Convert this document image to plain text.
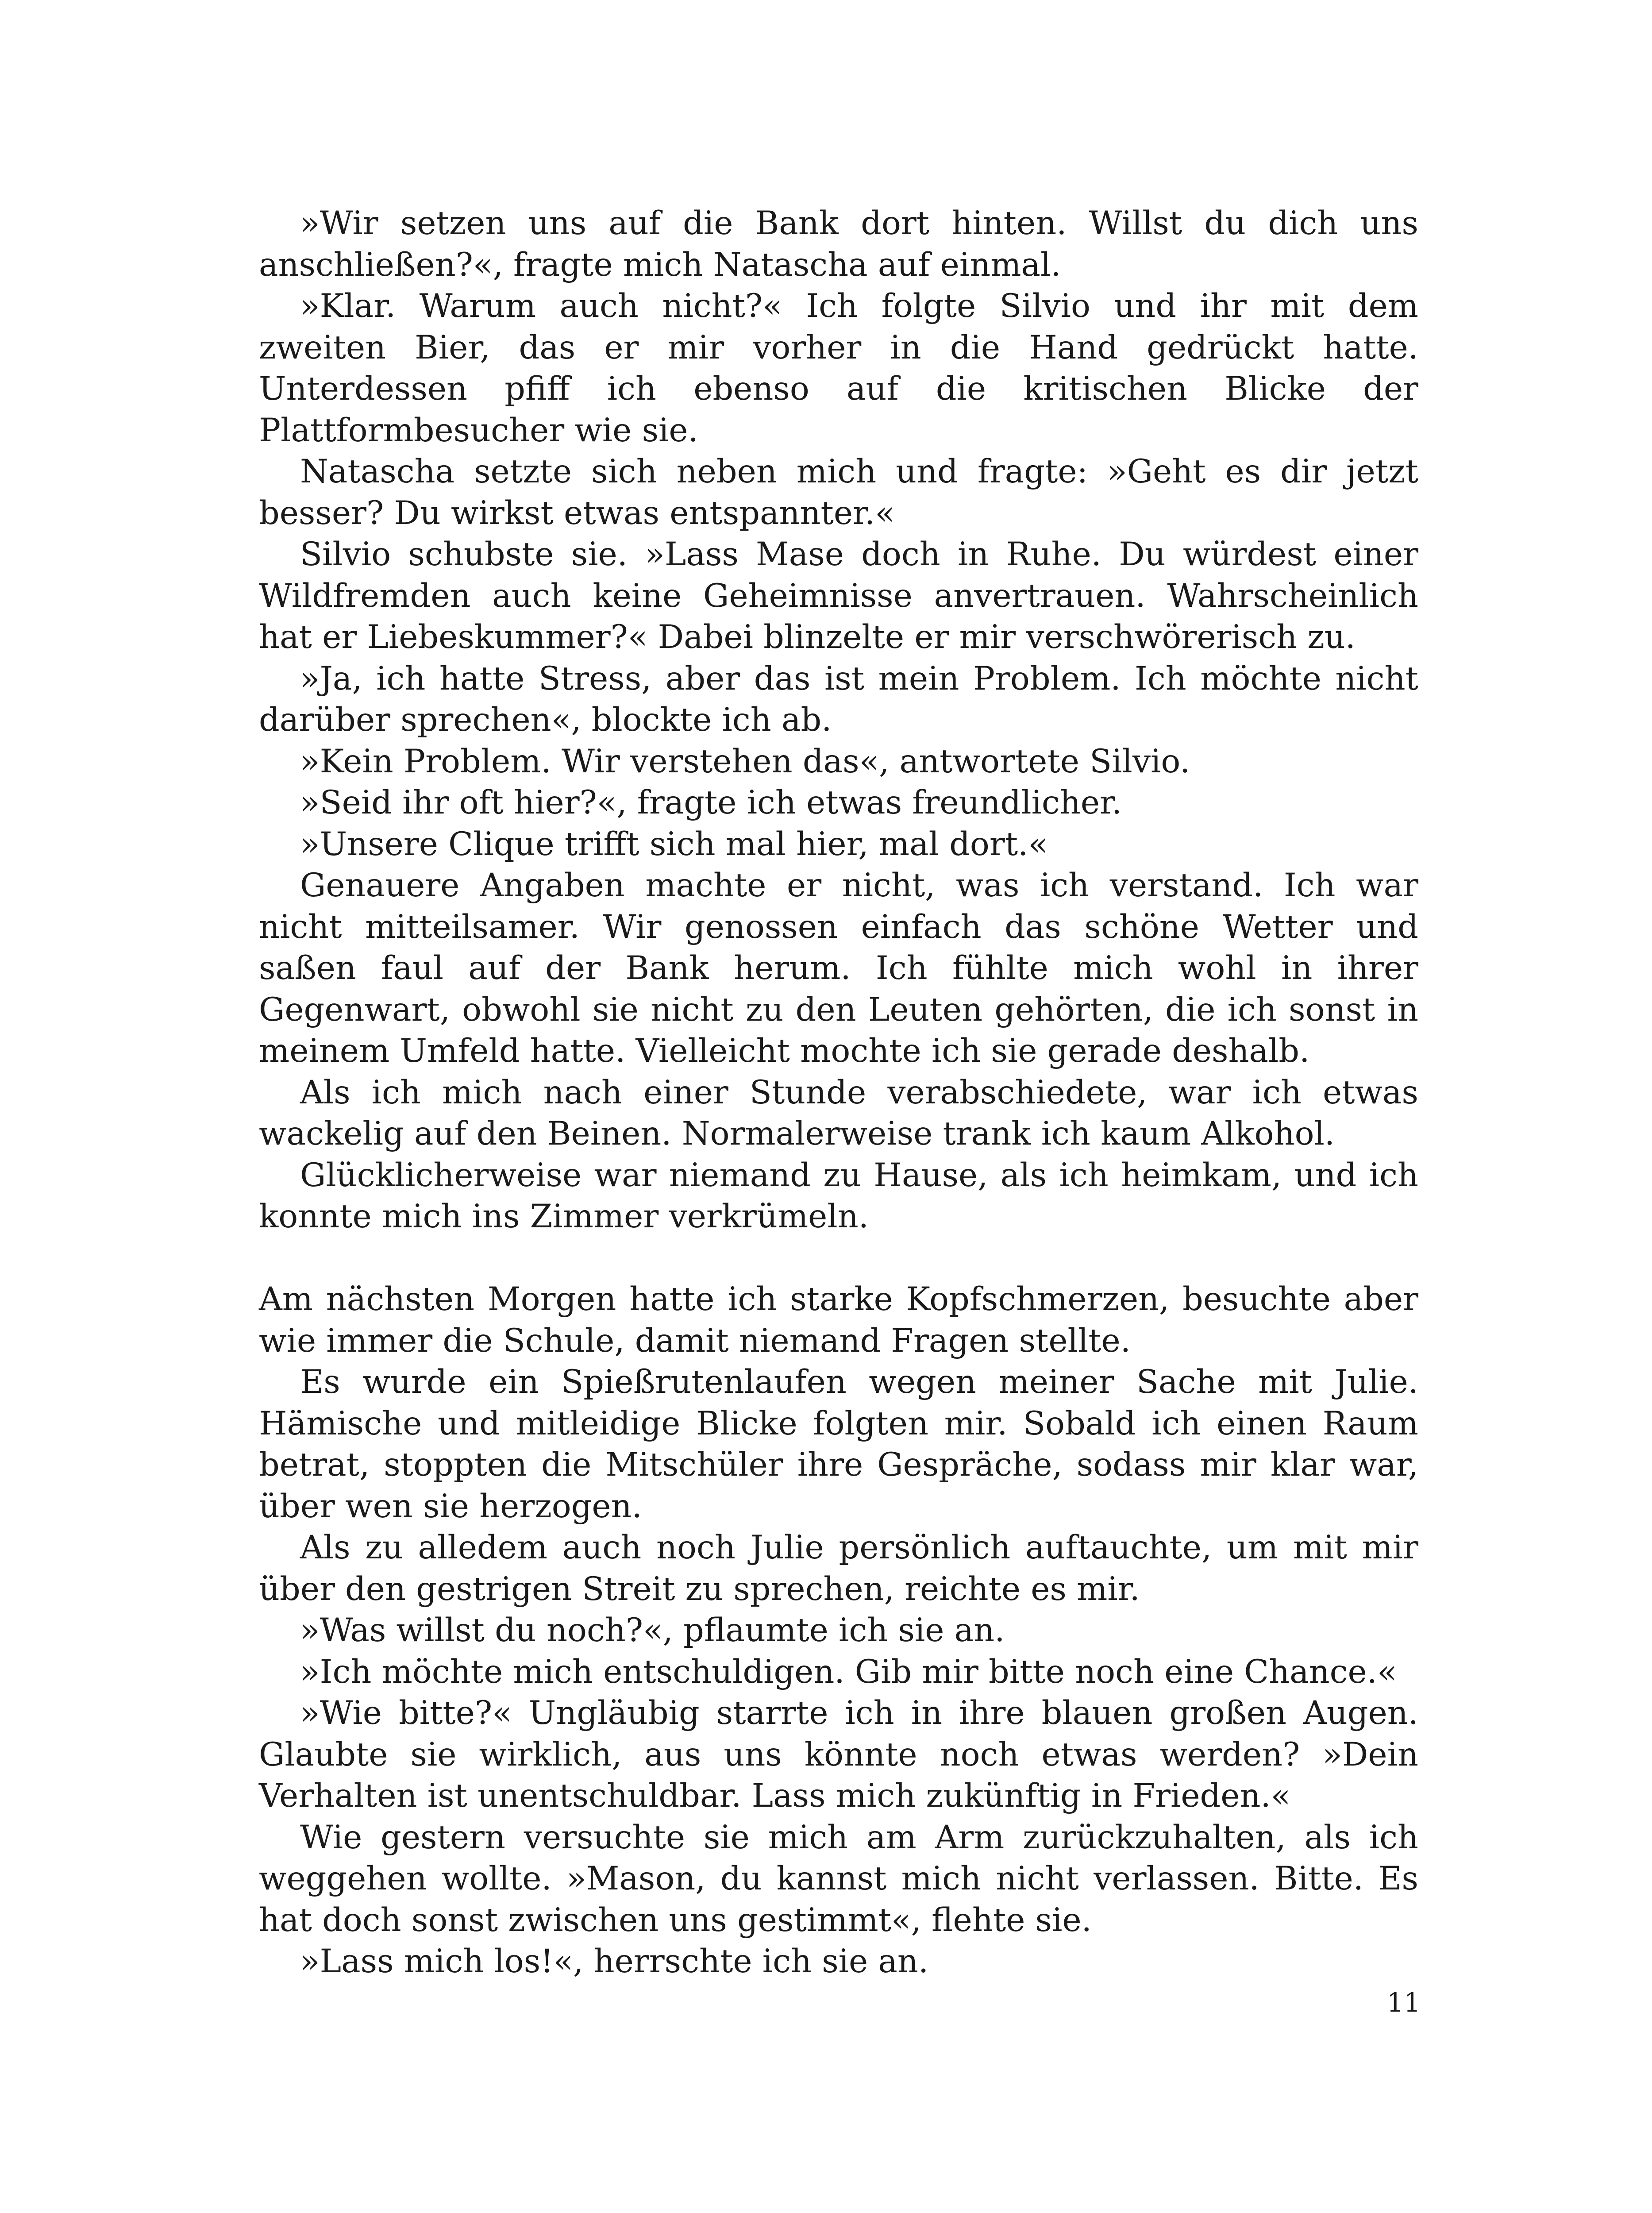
»Wir setzen uns auf die Bank dort hinten. Willst du dich uns anschließen?«, fragte mich Natascha auf einmal.

»Klar. Warum auch nicht?« Ich folgte Silvio und ihr mit dem zweiten Bier, das er mir vorher in die Hand gedrückt hatte. Unterdessen pfiff ich ebenso auf die kritischen Blicke der Plattformbesucher wie sie.

Natascha setzte sich neben mich und fragte: »Geht es dir jetzt besser? Du wirkst etwas entspannter.«

Silvio schubste sie. »Lass Mase doch in Ruhe. Du würdest einer Wildfremden auch keine Geheimnisse anvertrauen. Wahrscheinlich hat er Liebeskummer?« Dabei blinzelte er mir verschwörerisch zu.

»Ja, ich hatte Stress, aber das ist mein Problem. Ich möchte nicht darüber sprechen«, blockte ich ab.

»Kein Problem. Wir verstehen das«, antwortete Silvio.

»Seid ihr oft hier?«, fragte ich etwas freundlicher.

»Unsere Clique trifft sich mal hier, mal dort.«

Genauere Angaben machte er nicht, was ich verstand. Ich war nicht mitteilsamer. Wir genossen einfach das schöne Wetter und saßen faul auf der Bank herum. Ich fühlte mich wohl in ihrer Gegenwart, obwohl sie nicht zu den Leuten gehörten, die ich sonst in meinem Umfeld hatte. Vielleicht mochte ich sie gerade deshalb.

Als ich mich nach einer Stunde verabschiedete, war ich etwas wackelig auf den Beinen. Normalerweise trank ich kaum Alkohol.

Glücklicherweise war niemand zu Hause, als ich heimkam, und ich konnte mich ins Zimmer verkrümeln.

Am nächsten Morgen hatte ich starke Kopfschmerzen, besuchte aber wie immer die Schule, damit niemand Fragen stellte.

Es wurde ein Spießrutenlaufen wegen meiner Sache mit Julie. Hämische und mitleidige Blicke folgten mir. Sobald ich einen Raum betrat, stoppten die Mitschüler ihre Gespräche, sodass mir klar war, über wen sie herzogen.

Als zu alledem auch noch Julie persönlich auftauchte, um mit mir über den gestrigen Streit zu sprechen, reichte es mir.

»Was willst du noch?«, pflaumte ich sie an.

»Ich möchte mich entschuldigen. Gib mir bitte noch eine Chance.«

»Wie bitte?« Ungläubig starrte ich in ihre blauen großen Augen. Glaubte sie wirklich, aus uns könnte noch etwas werden? »Dein Verhalten ist unentschuldbar. Lass mich zukünftig in Frieden.«

Wie gestern versuchte sie mich am Arm zurückzuhalten, als ich weggehen wollte. »Mason, du kannst mich nicht verlassen. Bitte. Es hat doch sonst zwischen uns gestimmt«, flehte sie.

»Lass mich los!«, herrschte ich sie an.

11
